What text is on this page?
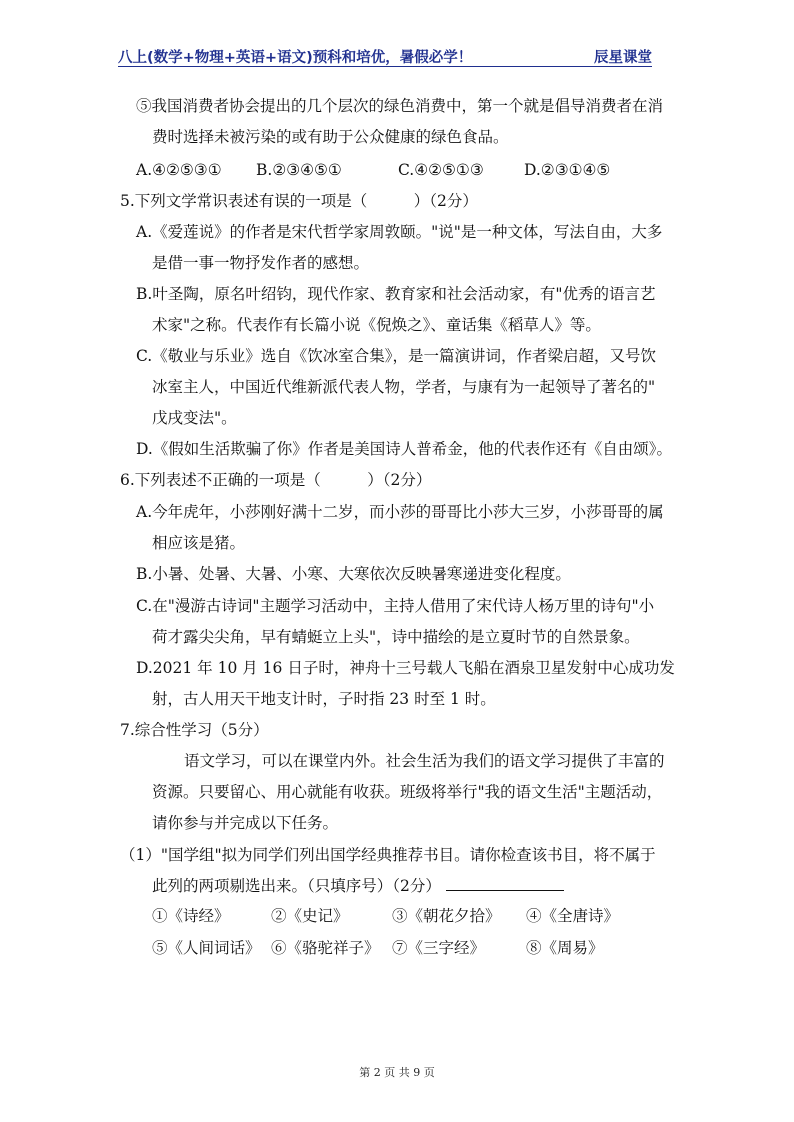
八上(数学+物理+英语+语文)预科和培优，暑假必学！	辰星课堂
⑤我国消费者协会提出的几个层次的绿色消费中，第一个就是倡导消费者在消
费时选择未被污染的或有助于公众健康的绿色食品。
A.④②⑤③① B.②③④⑤①	C.④②⑤①③	D.②③①④⑤
5.下列文学常识表述有误的一项是（　　　）（2分）
A.《爱莲说》的作者是宋代哲学家周敦颐。"说"是一种文体，写法自由，大多
是借一事一物抒发作者的感想。
B.叶圣陶，原名叶绍钧，现代作家、教育家和社会活动家，有"优秀的语言艺
术家"之称。代表作有长篇小说《倪焕之》、童话集《稻草人》等。
C.《敬业与乐业》选自《饮冰室合集》，是一篇演讲词，作者梁启超，又号饮
冰室主人，中国近代维新派代表人物，学者，与康有为一起领导了著名的"
戊戌变法"。
D.《假如生活欺骗了你》作者是美国诗人普希金，他的代表作还有《自由颂》。
6.下列表述不正确的一项是（　　　）（2分）
A.今年虎年，小莎刚好满十二岁，而小莎的哥哥比小莎大三岁，小莎哥哥的属
相应该是猪。
B.小暑、处暑、大暑、小寒、大寒依次反映暑寒递进变化程度。
C.在"漫游古诗词"主题学习活动中，主持人借用了宋代诗人杨万里的诗句"小
荷才露尖尖角，早有蜻蜓立上头"，诗中描绘的是立夏时节的自然景象。
D.2021 年 10 月 16 日子时，神舟十三号载人飞船在酒泉卫星发射中心成功发
射，古人用天干地支计时，子时指 23 时至 1 时。
7.综合性学习（5分）
语文学习，可以在课堂内外。社会生活为我们的语文学习提供了丰富的
资源。只要留心、用心就能有收获。班级将举行"我的语文生活"主题活动，
请你参与并完成以下任务。
（1）"国学组"拟为同学们列出国学经典推荐书目。请你检查该书目，将不属于
此列的两项剔选出来。（只填序号）（2分）
①《诗经》	②《史记》	③《朝花夕拾》 ④《全唐诗》
⑤《人间词话》 ⑥《骆驼祥子》 ⑦《三字经》	⑧《周易》
第 2 页 共 9 页
